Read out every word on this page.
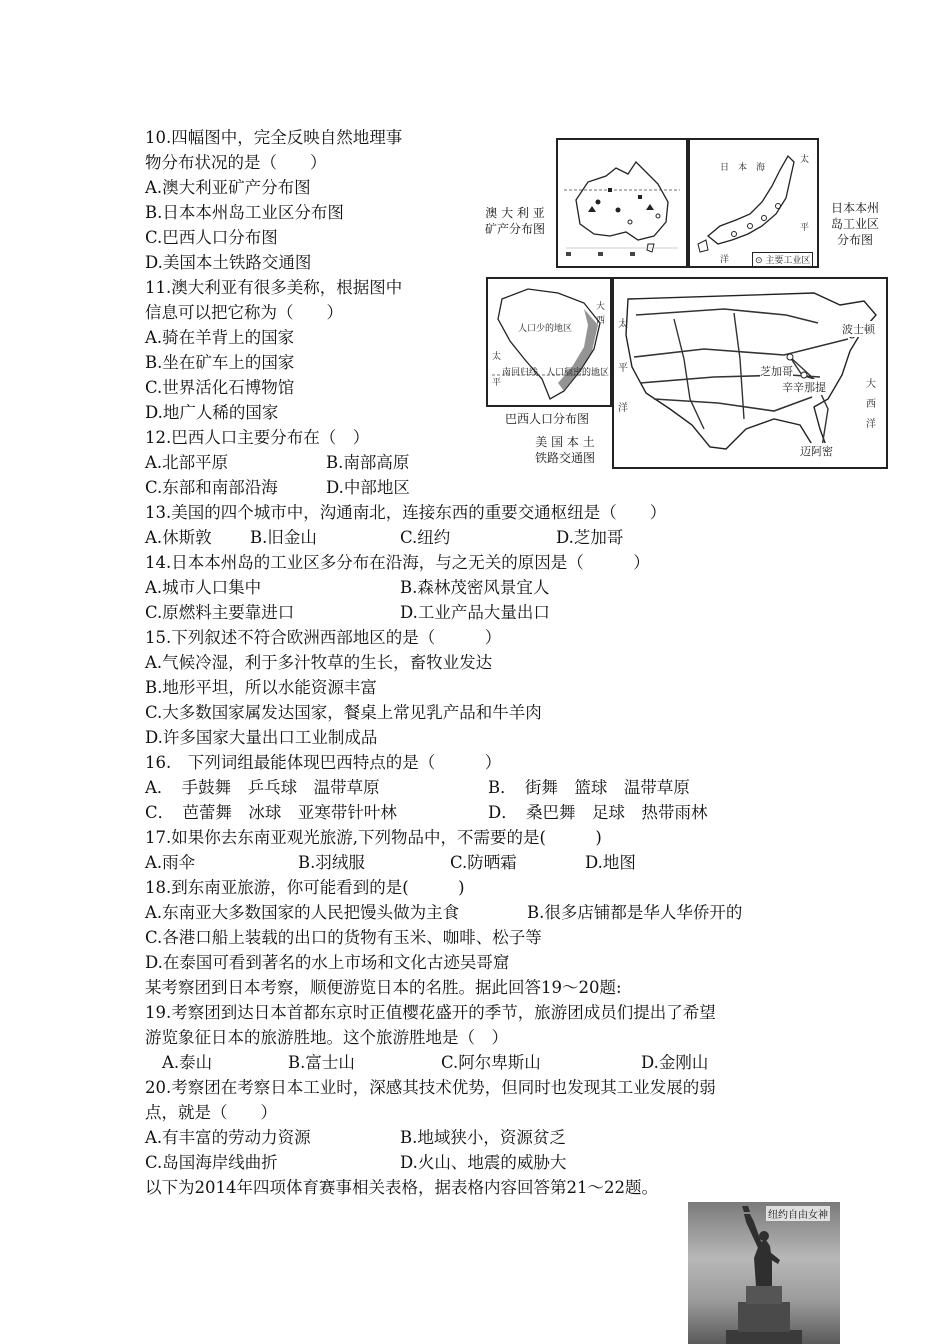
10.四幅图中，完全反映自然地理事
物分布状况的是（　　）
A.澳大利亚矿产分布图
B.日本本州岛工业区分布图
C.巴西人口分布图
D.美国本土铁路交通图
11.澳大利亚有很多美称，根据图中
信息可以把它称为（　　）
A.骑在羊背上的国家
B.坐在矿车上的国家
C.世界活化石博物馆
D.地广人稀的国家
12.巴西人口主要分布在（　）
A.北部平原	B.南部高原
C.东部和南部沿海	D.中部地区
13.美国的四个城市中，沟通南北，连接东西的重要交通枢纽是（　　）
A.休斯敦 B.旧金山	C.纽约	D.芝加哥
14.日本本州岛的工业区多分布在沿海，与之无关的原因是（　　　）
A.城市人口集中	B.森林茂密风景宜人
C.原燃料主要靠进口	D.工业产品大量出口
15.下列叙述不符合欧洲西部地区的是（　　　）
A.气候冷湿，利于多汁牧草的生长，畜牧业发达
B.地形平坦，所以水能资源丰富
C.大多数国家属发达国家，餐桌上常见乳产品和牛羊肉
D.许多国家大量出口工业制成品
16.　下列词组最能体现巴西特点的是（　　　）
A．　手鼓舞　乒乓球　温带草原	B．　街舞　篮球　温带草原
C．　芭蕾舞　冰球　亚寒带针叶林	D．　桑巴舞　足球　热带雨林
17.如果你去东南亚观光旅游,下列物品中，不需要的是(　　　)
A.雨伞	B.羽绒服	C.防晒霜	D.地图
18.到东南亚旅游，你可能看到的是(　　　)
A.东南亚大多数国家的人民把馒头做为主食	B.很多店铺都是华人华侨开的
C.各港口船上装载的出口的货物有玉米、咖啡、松子等
D.在泰国可看到著名的水上市场和文化古迹吴哥窟
某考察团到日本考察，顺便游览日本的名胜。据此回答19～20题:
19.考察团到达日本首都东京时正值樱花盛开的季节，旅游团成员们提出了希望
游览象征日本的旅游胜地。这个旅游胜地是（　）
A.泰山	B.富士山	C.阿尔卑斯山	D.金刚山
20.考察团在考察日本工业时，深感其技术优势，但同时也发现其工业发展的弱
点，就是（　　）
A.有丰富的劳动力资源	B.地域狭小，资源贫乏
C.岛国海岸线曲折	D.火山、地震的威胁大
以下为2014年四项体育赛事相关表格，据表格内容回答第21～22题。
澳 大 利 亚
矿产分布图
日　本　海
太
平
洋	⊙ 主要工业区
日本本州
岛工业区
分布图
人口少的地区
人口稠密的地区
太
平
大
西
南回归线
巴西人口分布图
美 国 本 土
铁路交通图
波士顿
芝加哥
辛辛那提
迈阿密
大
西
洋
太
平
洋
纽约自由女神
